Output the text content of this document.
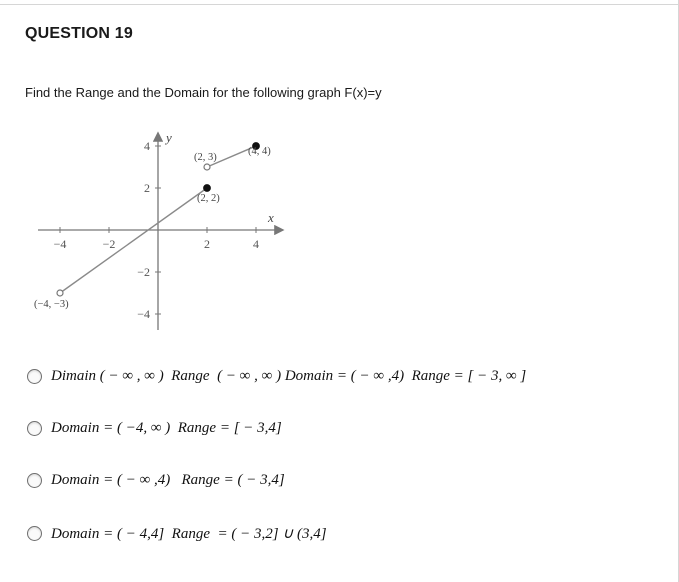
QUESTION 19
Find the Range and the Domain for the following graph F(x)=y
x
y
−4	−2	2	4
4
2
−2
−4
(−4, −3)
(2, 2)
(2, 3)
(4, 4)
Dimain ( − ∞ , ∞ )  Range  ( − ∞ , ∞ ) Domain = ( − ∞ ,4)  Range = [ − 3, ∞ ]
Domain = ( −4, ∞ )  Range = [ − 3,4]
Domain = ( − ∞ ,4)   Range = ( − 3,4]
Domain = ( − 4,4]  Range  = ( − 3,2] ∪ (3,4]
